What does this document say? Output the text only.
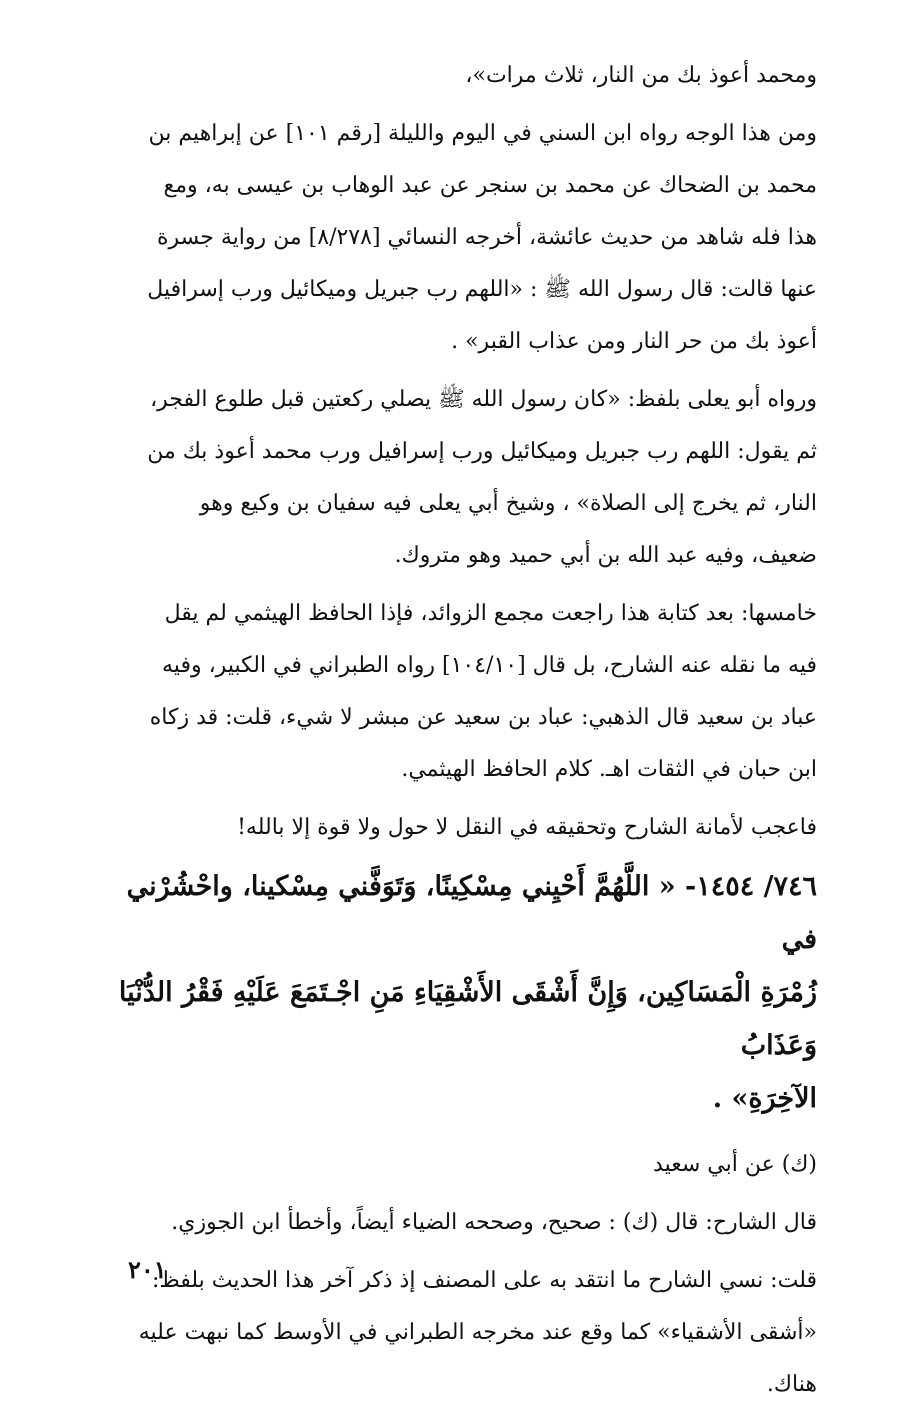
ومحمد أعوذ بك من النار، ثلاث مرات»،
ومن هذا الوجه رواه ابن السني في اليوم والليلة [رقم ١٠١] عن إبراهيم بن
محمد بن الضحاك عن محمد بن سنجر عن عبد الوهاب بن عيسى به، ومع
هذا فله شاهد من حديث عائشة، أخرجه النسائي [٨/٢٧٨] من رواية جسرة
عنها قالت: قال رسول الله ﷺ : «اللهم رب جبريل وميكائيل ورب إسرافيل
أعوذ بك من حر النار ومن عذاب القبر» .
ورواه أبو يعلى بلفظ: «كان رسول الله ﷺ يصلي ركعتين قبل طلوع الفجر،
ثم يقول: اللهم رب جبريل وميكائيل ورب إسرافيل ورب محمد أعوذ بك من
النار، ثم يخرج إلى الصلاة» ، وشيخ أبي يعلى فيه سفيان بن وكيع وهو
ضعيف، وفيه عبد الله بن أبي حميد وهو متروك.
خامسها: بعد كتابة هذا راجعت مجمع الزوائد، فإذا الحافظ الهيثمي لم يقل
فيه ما نقله عنه الشارح، بل قال [١٠٤/١٠] رواه الطبراني في الكبير، وفيه
عباد بن سعيد قال الذهبي: عباد بن سعيد عن مبشر لا شيء، قلت: قد زكاه
ابن حبان في الثقات اهـ. كلام الحافظ الهيثمي.
فاعجب لأمانة الشارح وتحقيقه في النقل لا حول ولا قوة إلا بالله!
٧٤٦/ ١٤٥٤- « اللَّهُمَّ أَحْيِني مِسْكِينًا، وَتَوَفَّني مِسْكينا، واحْشُرْني في
زُمْرَةِ الْمَسَاكِين، وَإِنَّ أَشْقَى الأَشْقِيَاءِ مَنِ اجْـتَمَعَ عَلَيْهِ فَقْرُ الدُّنْيَا وَعَذَابُ
الآخِرَةِ» .
(ك) عن أبي سعيد
قال الشارح: قال (ك) : صحيح، وصححه الضياء أيضاً، وأخطأ ابن الجوزي.
قلت: نسي الشارح ما انتقد به على المصنف إذ ذكر آخر هذا الحديث بلفظ:
«أشقى الأشقياء» كما وقع عند مخرجه الطبراني في الأوسط كما نبهت عليه
هناك.
٢٠١
